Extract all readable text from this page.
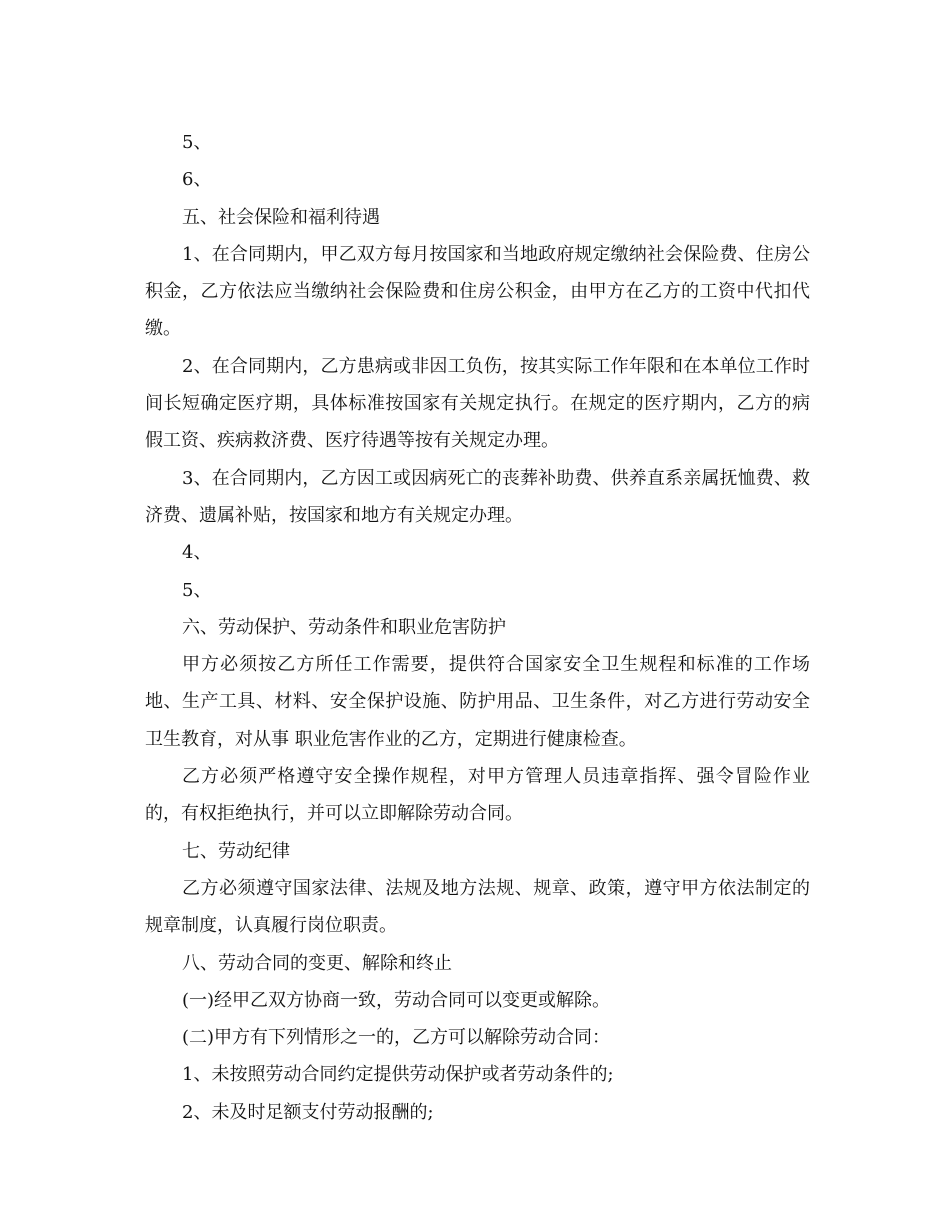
5、

6、

五、社会保险和福利待遇

1、在合同期内，甲乙双方每月按国家和当地政府规定缴纳社会保险费、住房公积金，乙方依法应当缴纳社会保险费和住房公积金，由甲方在乙方的工资中代扣代缴。

2、在合同期内，乙方患病或非因工负伤，按其实际工作年限和在本单位工作时间长短确定医疗期，具体标准按国家有关规定执行。在规定的医疗期内，乙方的病假工资、疾病救济费、医疗待遇等按有关规定办理。

3、在合同期内，乙方因工或因病死亡的丧葬补助费、供养直系亲属抚恤费、救济费、遗属补贴，按国家和地方有关规定办理。

4、

5、

六、劳动保护、劳动条件和职业危害防护

甲方必须按乙方所任工作需要，提供符合国家安全卫生规程和标准的工作场地、生产工具、材料、安全保护设施、防护用品、卫生条件，对乙方进行劳动安全卫生教育，对从事 职业危害作业的乙方，定期进行健康检查。

乙方必须严格遵守安全操作规程，对甲方管理人员违章指挥、强令冒险作业的，有权拒绝执行，并可以立即解除劳动合同。

七、劳动纪律

乙方必须遵守国家法律、法规及地方法规、规章、政策，遵守甲方依法制定的规章制度，认真履行岗位职责。

八、劳动合同的变更、解除和终止

(一)经甲乙双方协商一致，劳动合同可以变更或解除。

(二)甲方有下列情形之一的，乙方可以解除劳动合同：

1、未按照劳动合同约定提供劳动保护或者劳动条件的;

2、未及时足额支付劳动报酬的;
